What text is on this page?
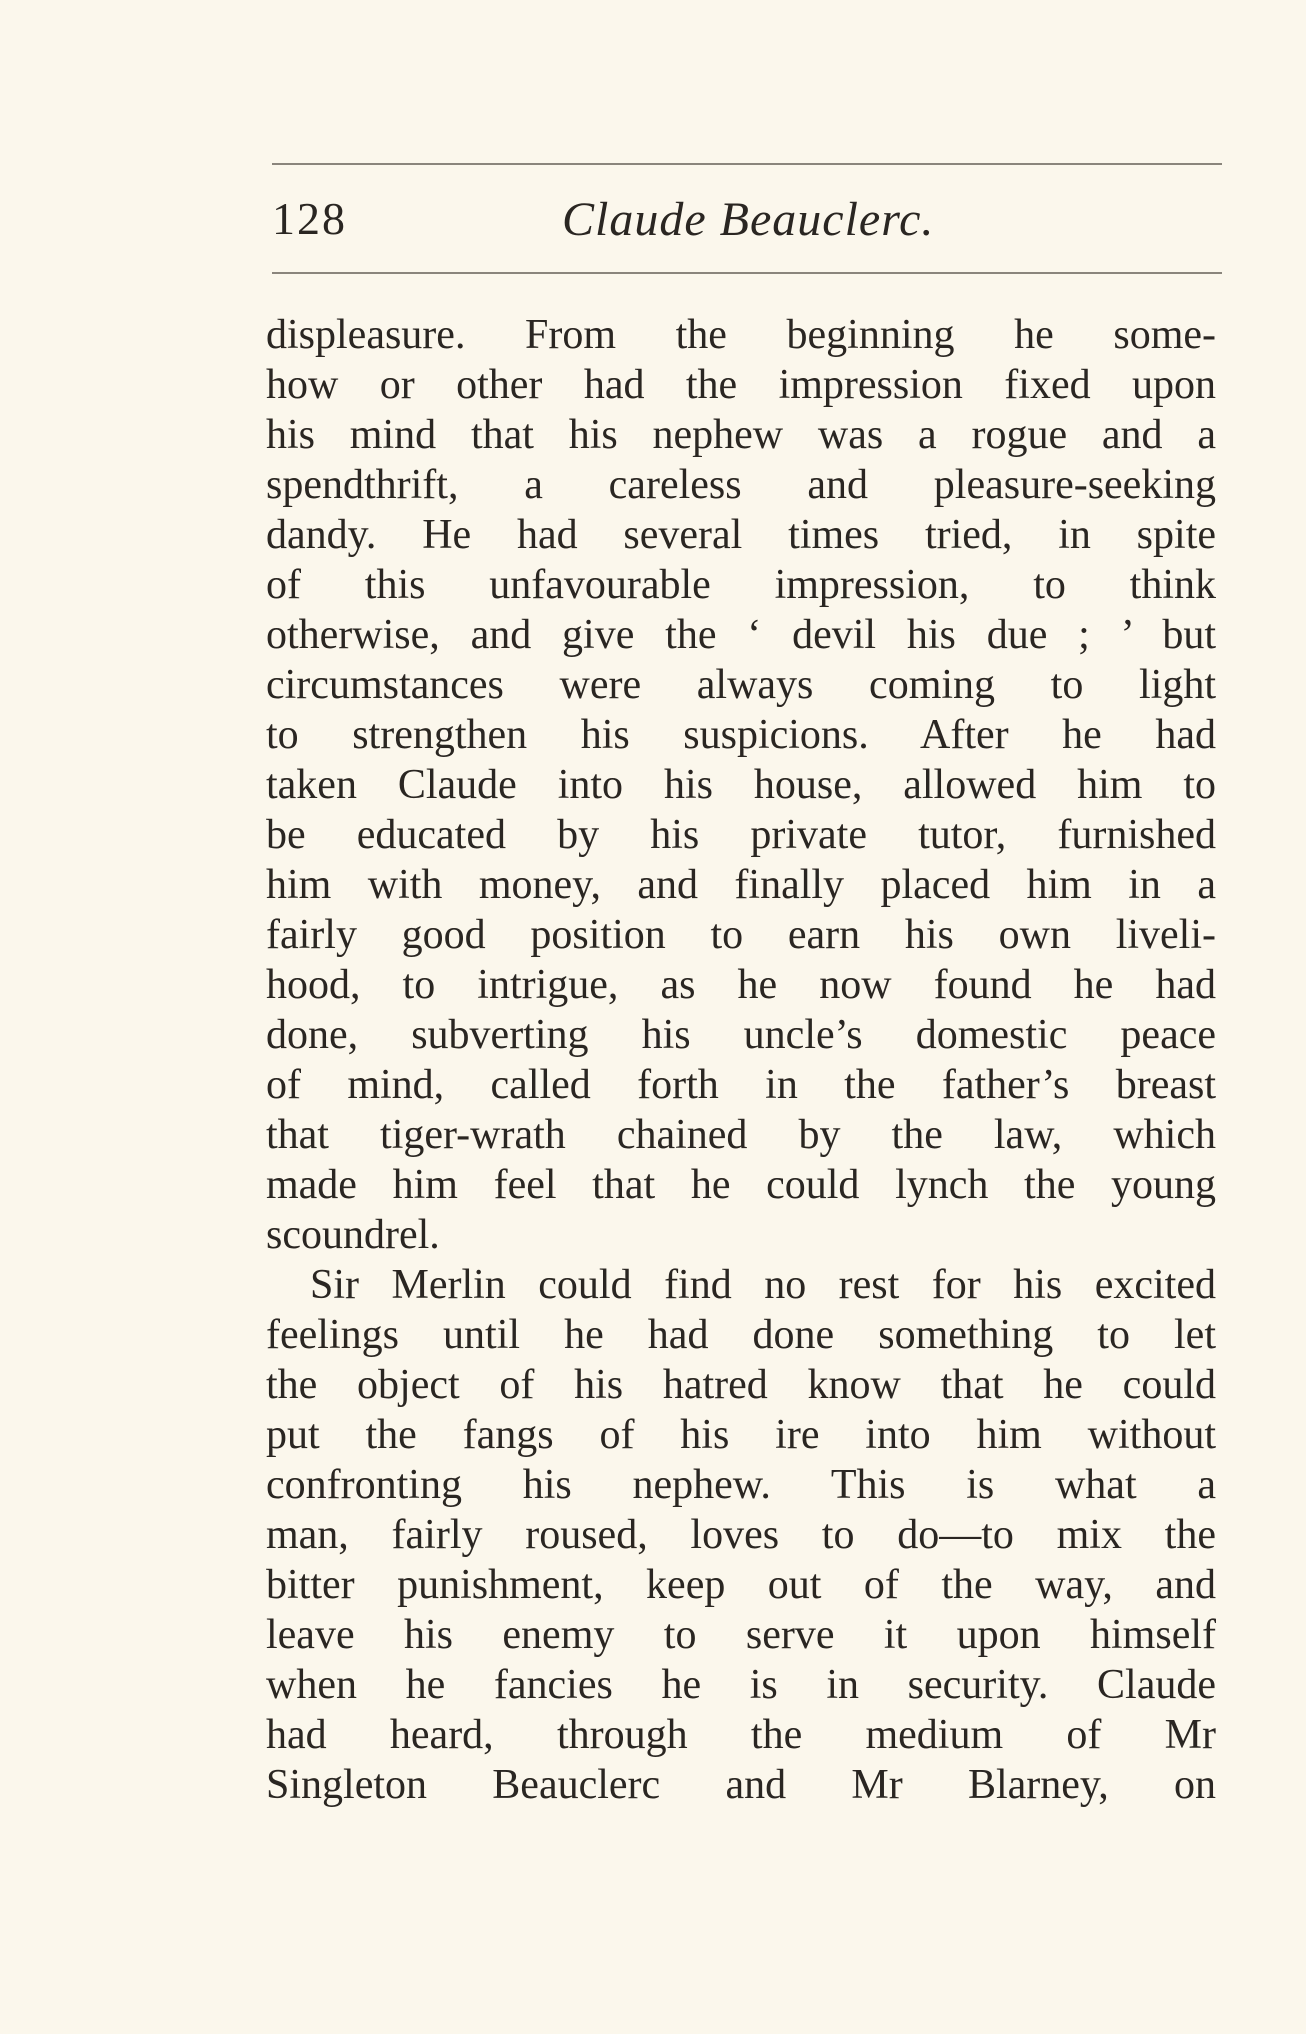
128	Claude Beauclerc.
displeasure. From the beginning he some-
how or other had the impression fixed upon
his mind that his nephew was a rogue and a
spendthrift, a careless and pleasure-seeking
dandy. He had several times tried, in spite
of this unfavourable impression, to think
otherwise, and give the ‘ devil his due ; ’ but
circumstances were always coming to light
to strengthen his suspicions. After he had
taken Claude into his house, allowed him to
be educated by his private tutor, furnished
him with money, and finally placed him in a
fairly good position to earn his own liveli-
hood, to intrigue, as he now found he had
done, subverting his uncle’s domestic peace
of mind, called forth in the father’s breast
that tiger-wrath chained by the law, which
made him feel that he could lynch the young
scoundrel.
Sir Merlin could find no rest for his excited
feelings until he had done something to let
the object of his hatred know that he could
put the fangs of his ire into him without
confronting his nephew. This is what a
man, fairly roused, loves to do—to mix the
bitter punishment, keep out of the way, and
leave his enemy to serve it upon himself
when he fancies he is in security. Claude
had heard, through the medium of Mr
Singleton Beauclerc and Mr Blarney, on
